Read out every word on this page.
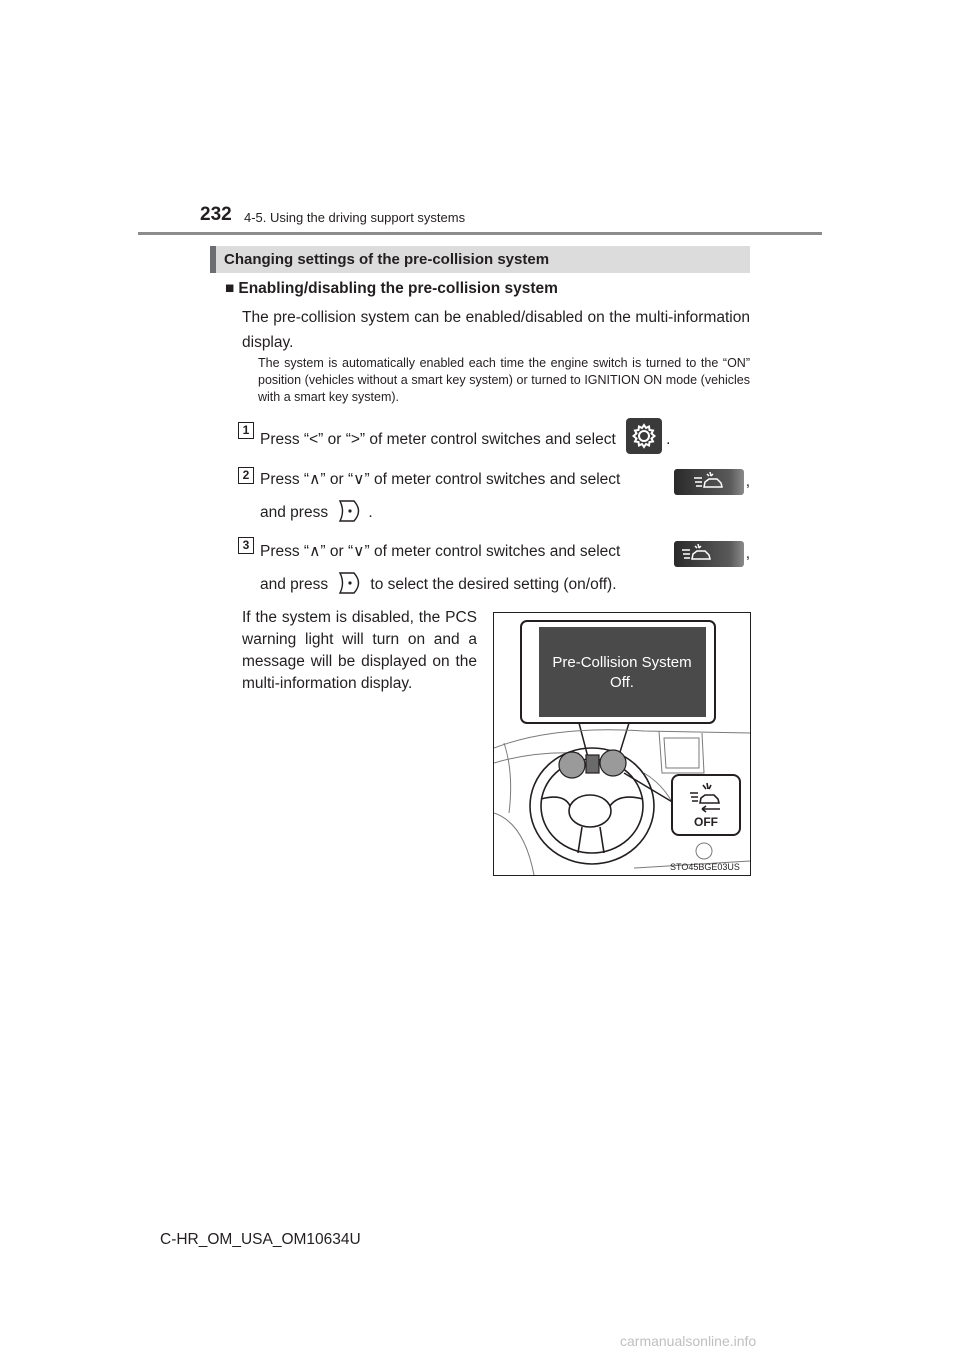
232 4-5. Using the driving support systems
Changing settings of the pre-collision system
■ Enabling/disabling the pre-collision system
The pre-collision system can be enabled/disabled on the multi-information display.
The system is automatically enabled each time the engine switch is turned to the “ON” position (vehicles without a smart key system) or turned to IGNITION ON mode (vehicles with a smart key system).
1
Press “<” or “>” of meter control switches and select	.
2 Press “∧” or “∨” of meter control switches and select	,
and press	.
3 Press “∧” or “∨” of meter control switches and select	,
and press	to select the desired setting (on/off).
If the system is disabled, the PCS warning light will turn on and a message will be displayed on the multi-information display.
Pre-Collision System
Off.
OFF
STO45BGE03US
C-HR_OM_USA_OM10634U
carmanualsonline.info
